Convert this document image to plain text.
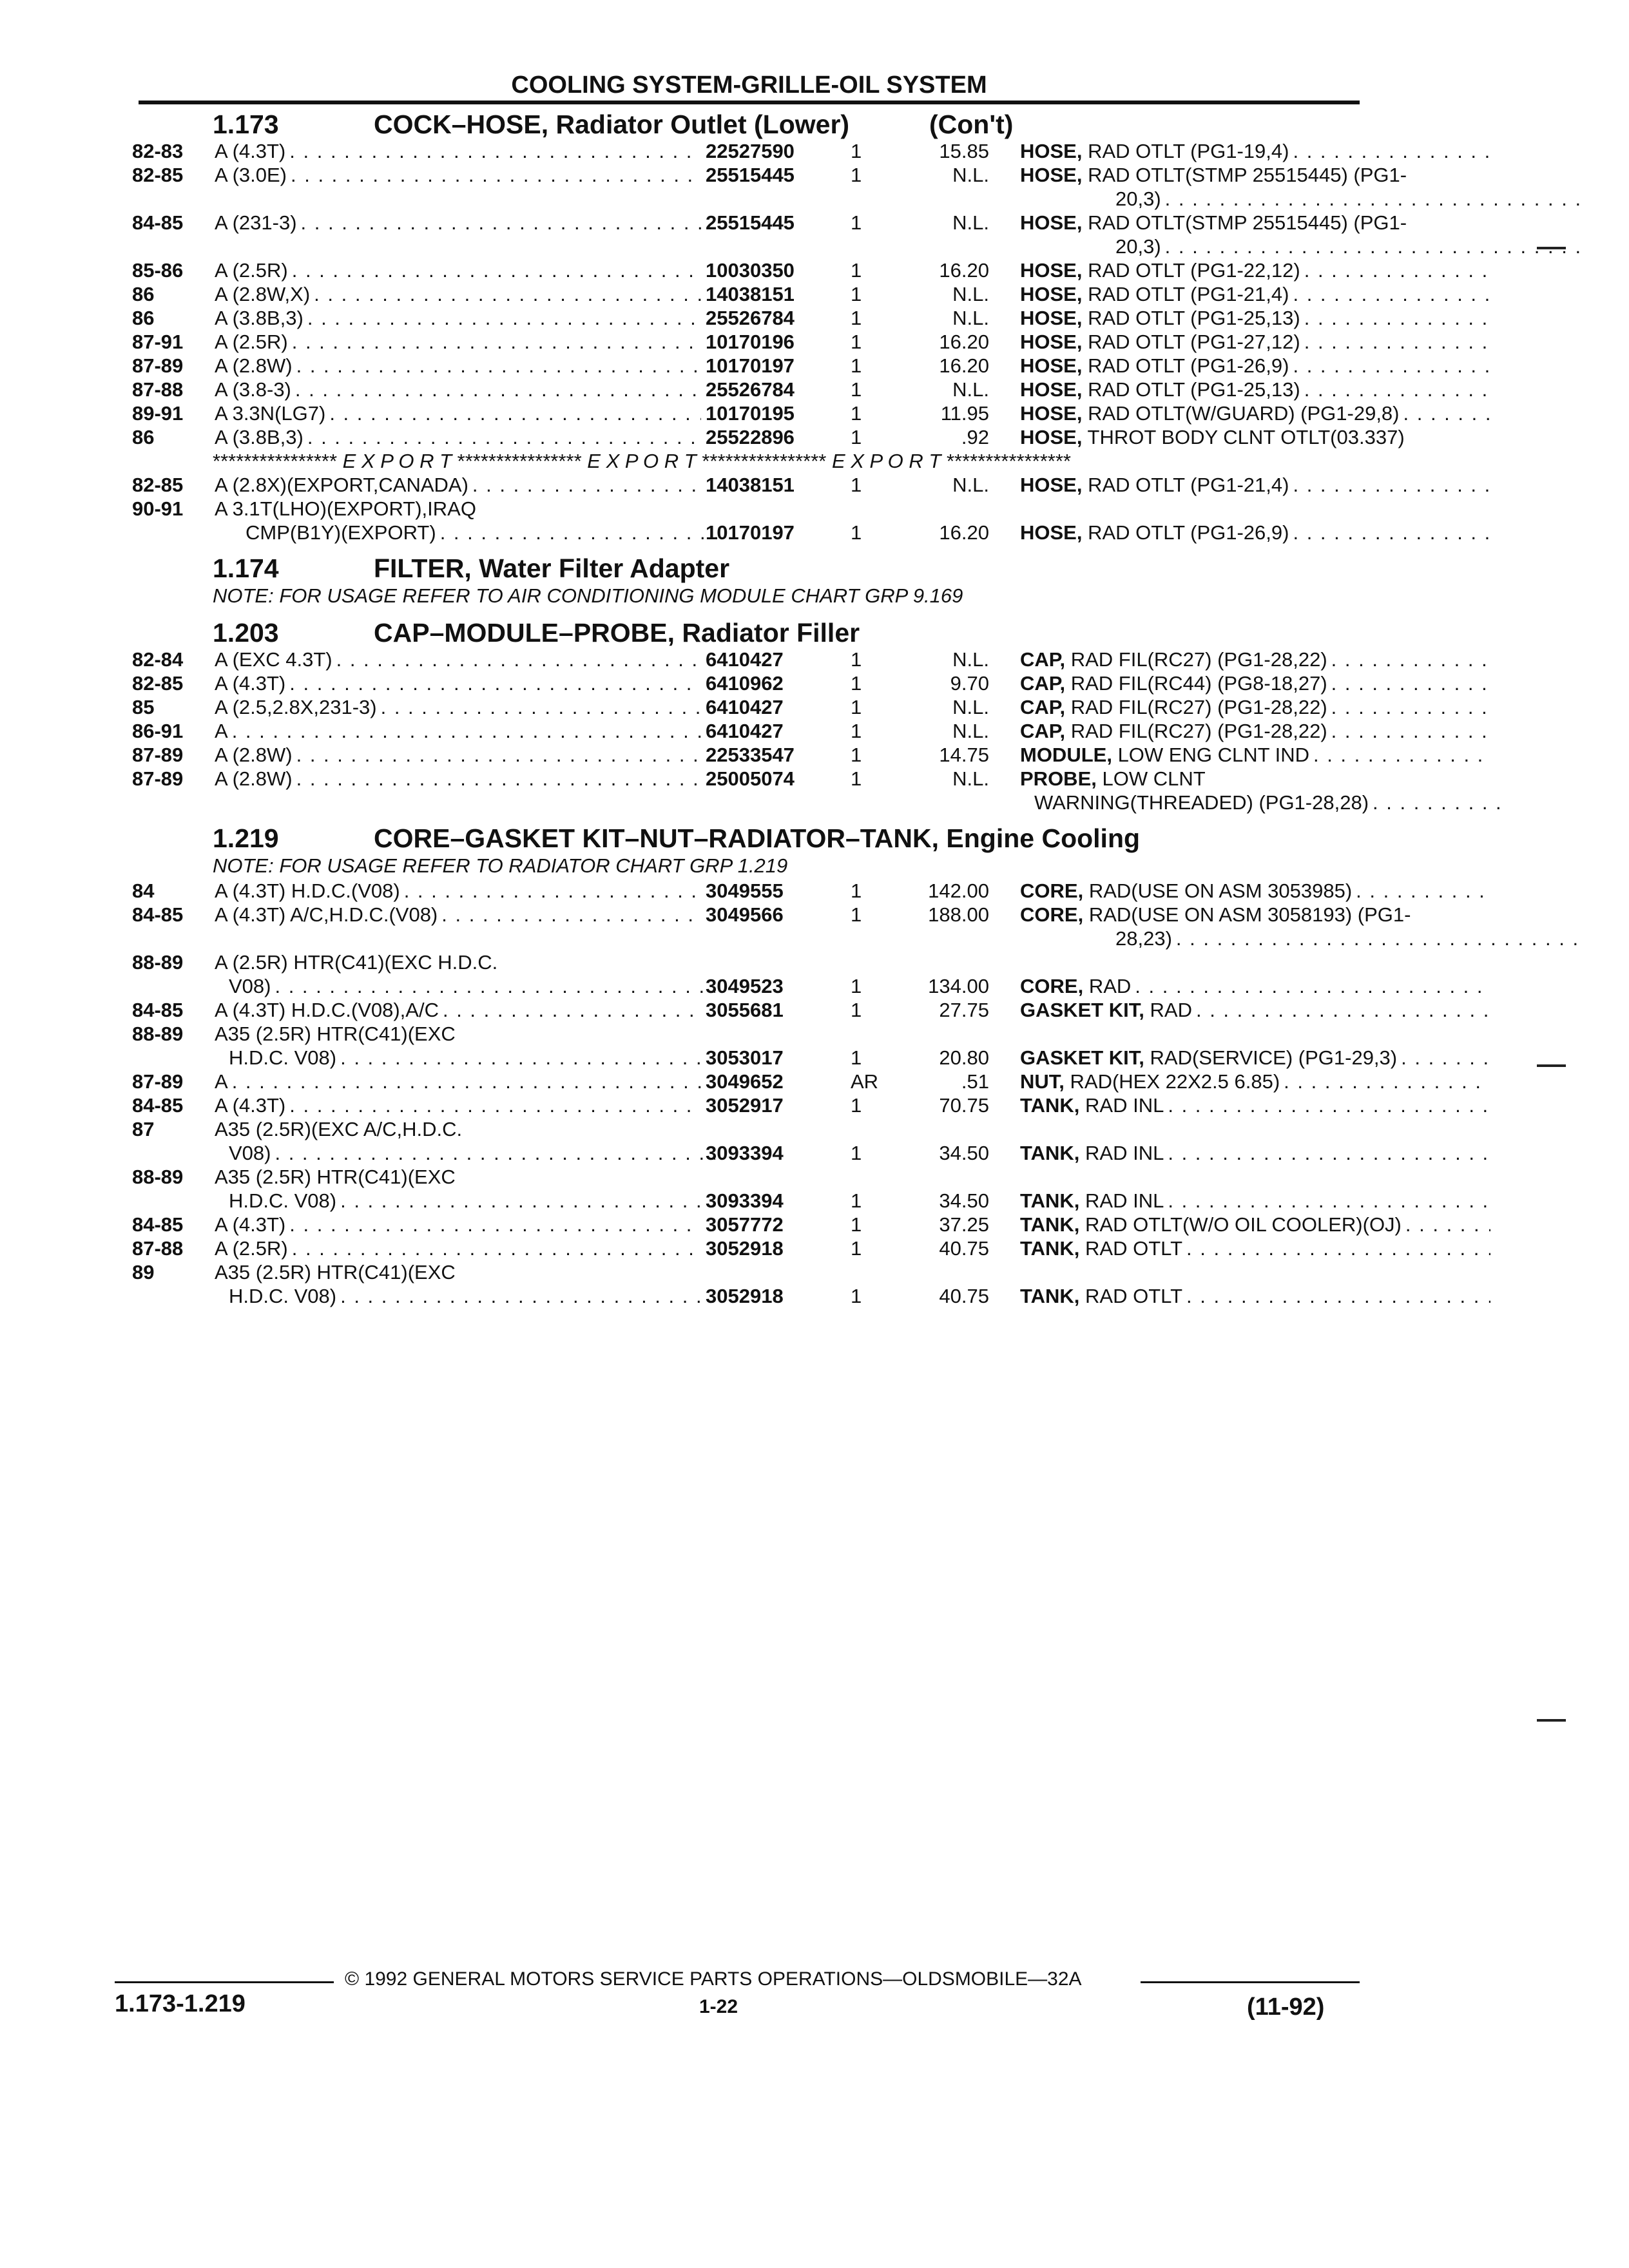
COOLING SYSTEM-GRILLE-OIL SYSTEM
1.173	COCK–HOSE, Radiator Outlet (Lower)	(Con't)
82-83 A (4.3T) . . .	22527590	1	15.85 HOSE, RAD OTLT (PG1-19,4)
. . .
82-85 A (3.0E) . . .	25515445	1	N.L. HOSE, RAD OTLT(STMP 25515445) (PG1-
20,3)
. . .
84-85 A (231-3) . . .	25515445	1	N.L. HOSE, RAD OTLT(STMP 25515445) (PG1-
20,3)
. . .
85-86 A (2.5R) . . .	10030350	1	16.20 HOSE, RAD OTLT (PG1-22,12)
. . .
86	A (2.8W,X) . . .	14038151	1	N.L. HOSE, RAD OTLT (PG1-21,4)
. . .
86	A (3.8B,3) . . .	25526784	1	N.L. HOSE, RAD OTLT (PG1-25,13)
. . .
87-91 A (2.5R) . . .	10170196	1	16.20 HOSE, RAD OTLT (PG1-27,12)
. . .
87-89 A (2.8W) . . .	10170197	1	16.20 HOSE, RAD OTLT (PG1-26,9)
. . .
87-88 A (3.8-3) . . .	25526784	1	N.L. HOSE, RAD OTLT (PG1-25,13)
. . .
89-91 A 3.3N(LG7) . . .	10170195	1	11.95 HOSE, RAD OTLT(W/GUARD) (PG1-29,8)
. . .
86	A (3.8B,3) . . .	25522896	1	.92 HOSE, THROT BODY CLNT OTLT(03.337)
**************** E X P O R T **************** E X P O R T **************** E X P O R T ****************
82-85 A (2.8X)(EXPORT,CANADA) . . .	14038151	1	N.L. HOSE, RAD OTLT (PG1-21,4)
. . .
90-91 A 3.1T(LHO)(EXPORT),IRAQ
CMP(B1Y)(EXPORT) . . .	10170197	1	16.20 HOSE, RAD OTLT (PG1-26,9)
. . .
1.174	FILTER, Water Filter Adapter
NOTE: FOR USAGE REFER TO AIR CONDITIONING MODULE CHART GRP 9.169
1.203	CAP–MODULE–PROBE, Radiator Filler
82-84 A (EXC 4.3T) . . .	6410427	1	N.L. CAP, RAD FIL(RC27) (PG1-28,22)
. . .
82-85 A (4.3T) . . .	6410962	1	9.70 CAP, RAD FIL(RC44) (PG8-18,27)
. . .
85	A (2.5,2.8X,231-3) . . .	6410427	1	N.L. CAP, RAD FIL(RC27) (PG1-28,22)
. . .
86-91 A . . .	6410427	1	N.L. CAP, RAD FIL(RC27) (PG1-28,22)
. . .
87-89 A (2.8W) . . .	22533547	1	14.75 MODULE, LOW ENG CLNT IND
. . .
87-89 A (2.8W) . . .	25005074	1	N.L. PROBE, LOW CLNT
WARNING(THREADED) (PG1-28,28)
. . .
1.219	CORE–GASKET KIT–NUT–RADIATOR–TANK, Engine Cooling
NOTE: FOR USAGE REFER TO RADIATOR CHART GRP 1.219
84	A (4.3T) H.D.C.(V08) . . .	3049555	1	142.00 CORE, RAD(USE ON ASM 3053985)
. . .
84-85 A (4.3T) A/C,H.D.C.(V08) . . .	3049566	1	188.00 CORE, RAD(USE ON ASM 3058193) (PG1-
28,23)
. . .
88-89 A (2.5R) HTR(C41)(EXC H.D.C.
V08) . . .	3049523	1	134.00 CORE, RAD
. . .
84-85 A (4.3T) H.D.C.(V08),A/C . . .	3055681	1	27.75 GASKET KIT, RAD
. . .
88-89 A35 (2.5R) HTR(C41)(EXC
H.D.C. V08) . . .	3053017	1	20.80 GASKET KIT, RAD(SERVICE) (PG1-29,3)
. . .
87-89 A . . .	3049652	AR	.51 NUT, RAD(HEX 22X2.5 6.85)
. . .
84-85 A (4.3T) . . .	3052917	1	70.75 TANK, RAD INL
. . .
87	A35 (2.5R)(EXC A/C,H.D.C.
V08) . . .	3093394	1	34.50 TANK, RAD INL
. . .
88-89 A35 (2.5R) HTR(C41)(EXC
H.D.C. V08) . . .	3093394	1	34.50 TANK, RAD INL
. . .
84-85 A (4.3T) . . .	3057772	1	37.25 TANK, RAD OTLT(W/O OIL COOLER)(OJ)
. . .
87-88 A (2.5R) . . .	3052918	1	40.75 TANK, RAD OTLT
. . .
89	A35 (2.5R) HTR(C41)(EXC
H.D.C. V08) . . .	3052918	1	40.75 TANK, RAD OTLT
. . .
© 1992 GENERAL MOTORS SERVICE PARTS OPERATIONS—OLDSMOBILE—32A
1.173-1.219	1-22	(11-92)
